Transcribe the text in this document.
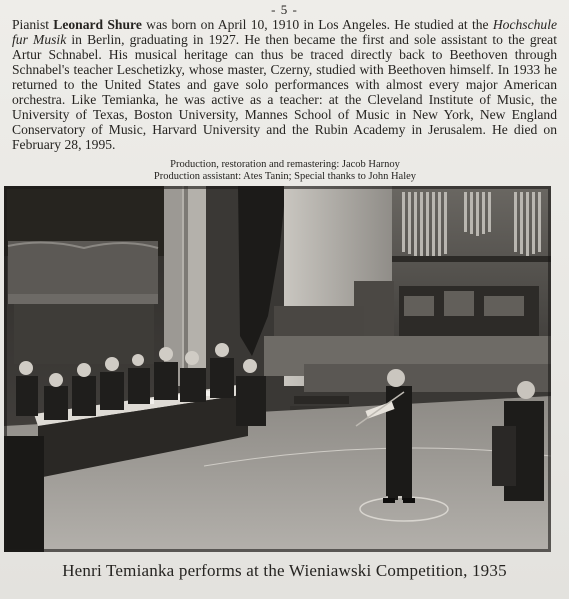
- 5 -

Pianist Leonard Shure was born on April 10, 1910 in Los Angeles. He studied at the Hochschule fur Musik in Berlin, graduating in 1927. He then became the first and sole assistant to the great Artur Schnabel. His musical heritage can thus be traced directly back to Beethoven through Schnabel's teacher Leschetizky, whose master, Czerny, studied with Beethoven himself. In 1933 he returned to the United States and gave solo performances with almost every major American orchestra. Like Temianka, he was active as a teacher: at the Cleveland Institute of Music, the University of Texas, Boston University, Mannes School of Music in New York, New England Conservatory of Music, Harvard University and the Rubin Academy in Jerusalem. He died on February 28, 1995.

Production, restoration and remastering: Jacob Harnoy
Production assistant: Ates Tanin; Special thanks to John Haley
Henri Temianka performs at the Wieniawski Competition, 1935
